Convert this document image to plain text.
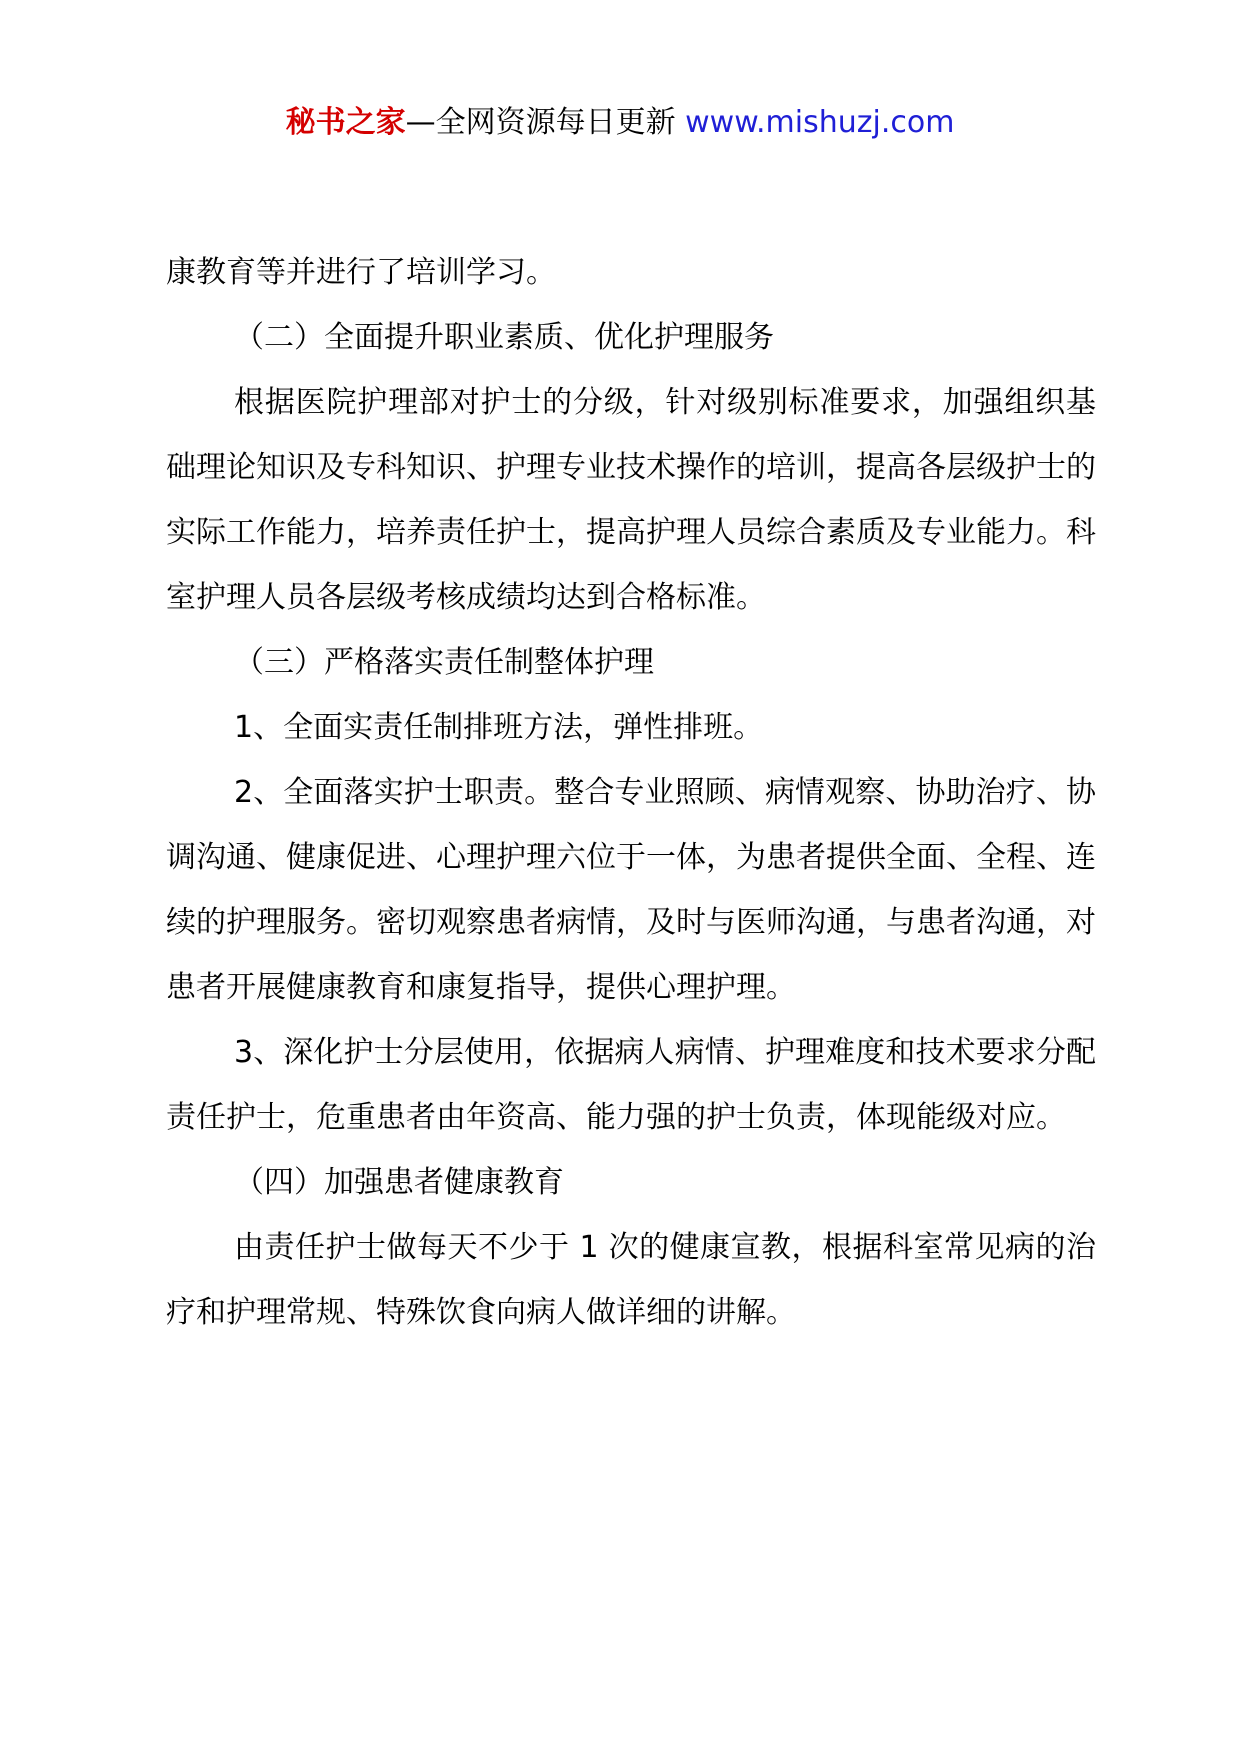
秘书之家—全网资源每日更新 www.mishuzj.com

康教育等并进行了培训学习。

（二）全面提升职业素质、优化护理服务

根据医院护理部对护士的分级，针对级别标准要求，加强组织基础理论知识及专科知识、护理专业技术操作的培训，提高各层级护士的实际工作能力，培养责任护士，提高护理人员综合素质及专业能力。科室护理人员各层级考核成绩均达到合格标准。

（三）严格落实责任制整体护理

1、全面实责任制排班方法，弹性排班。

2、全面落实护士职责。整合专业照顾、病情观察、协助治疗、协调沟通、健康促进、心理护理六位于一体，为患者提供全面、全程、连续的护理服务。密切观察患者病情，及时与医师沟通，与患者沟通，对患者开展健康教育和康复指导，提供心理护理。

3、深化护士分层使用，依据病人病情、护理难度和技术要求分配责任护士，危重患者由年资高、能力强的护士负责，体现能级对应。

（四）加强患者健康教育

由责任护士做每天不少于 1 次的健康宣教，根据科室常见病的治疗和护理常规、特殊饮食向病人做详细的讲解。
